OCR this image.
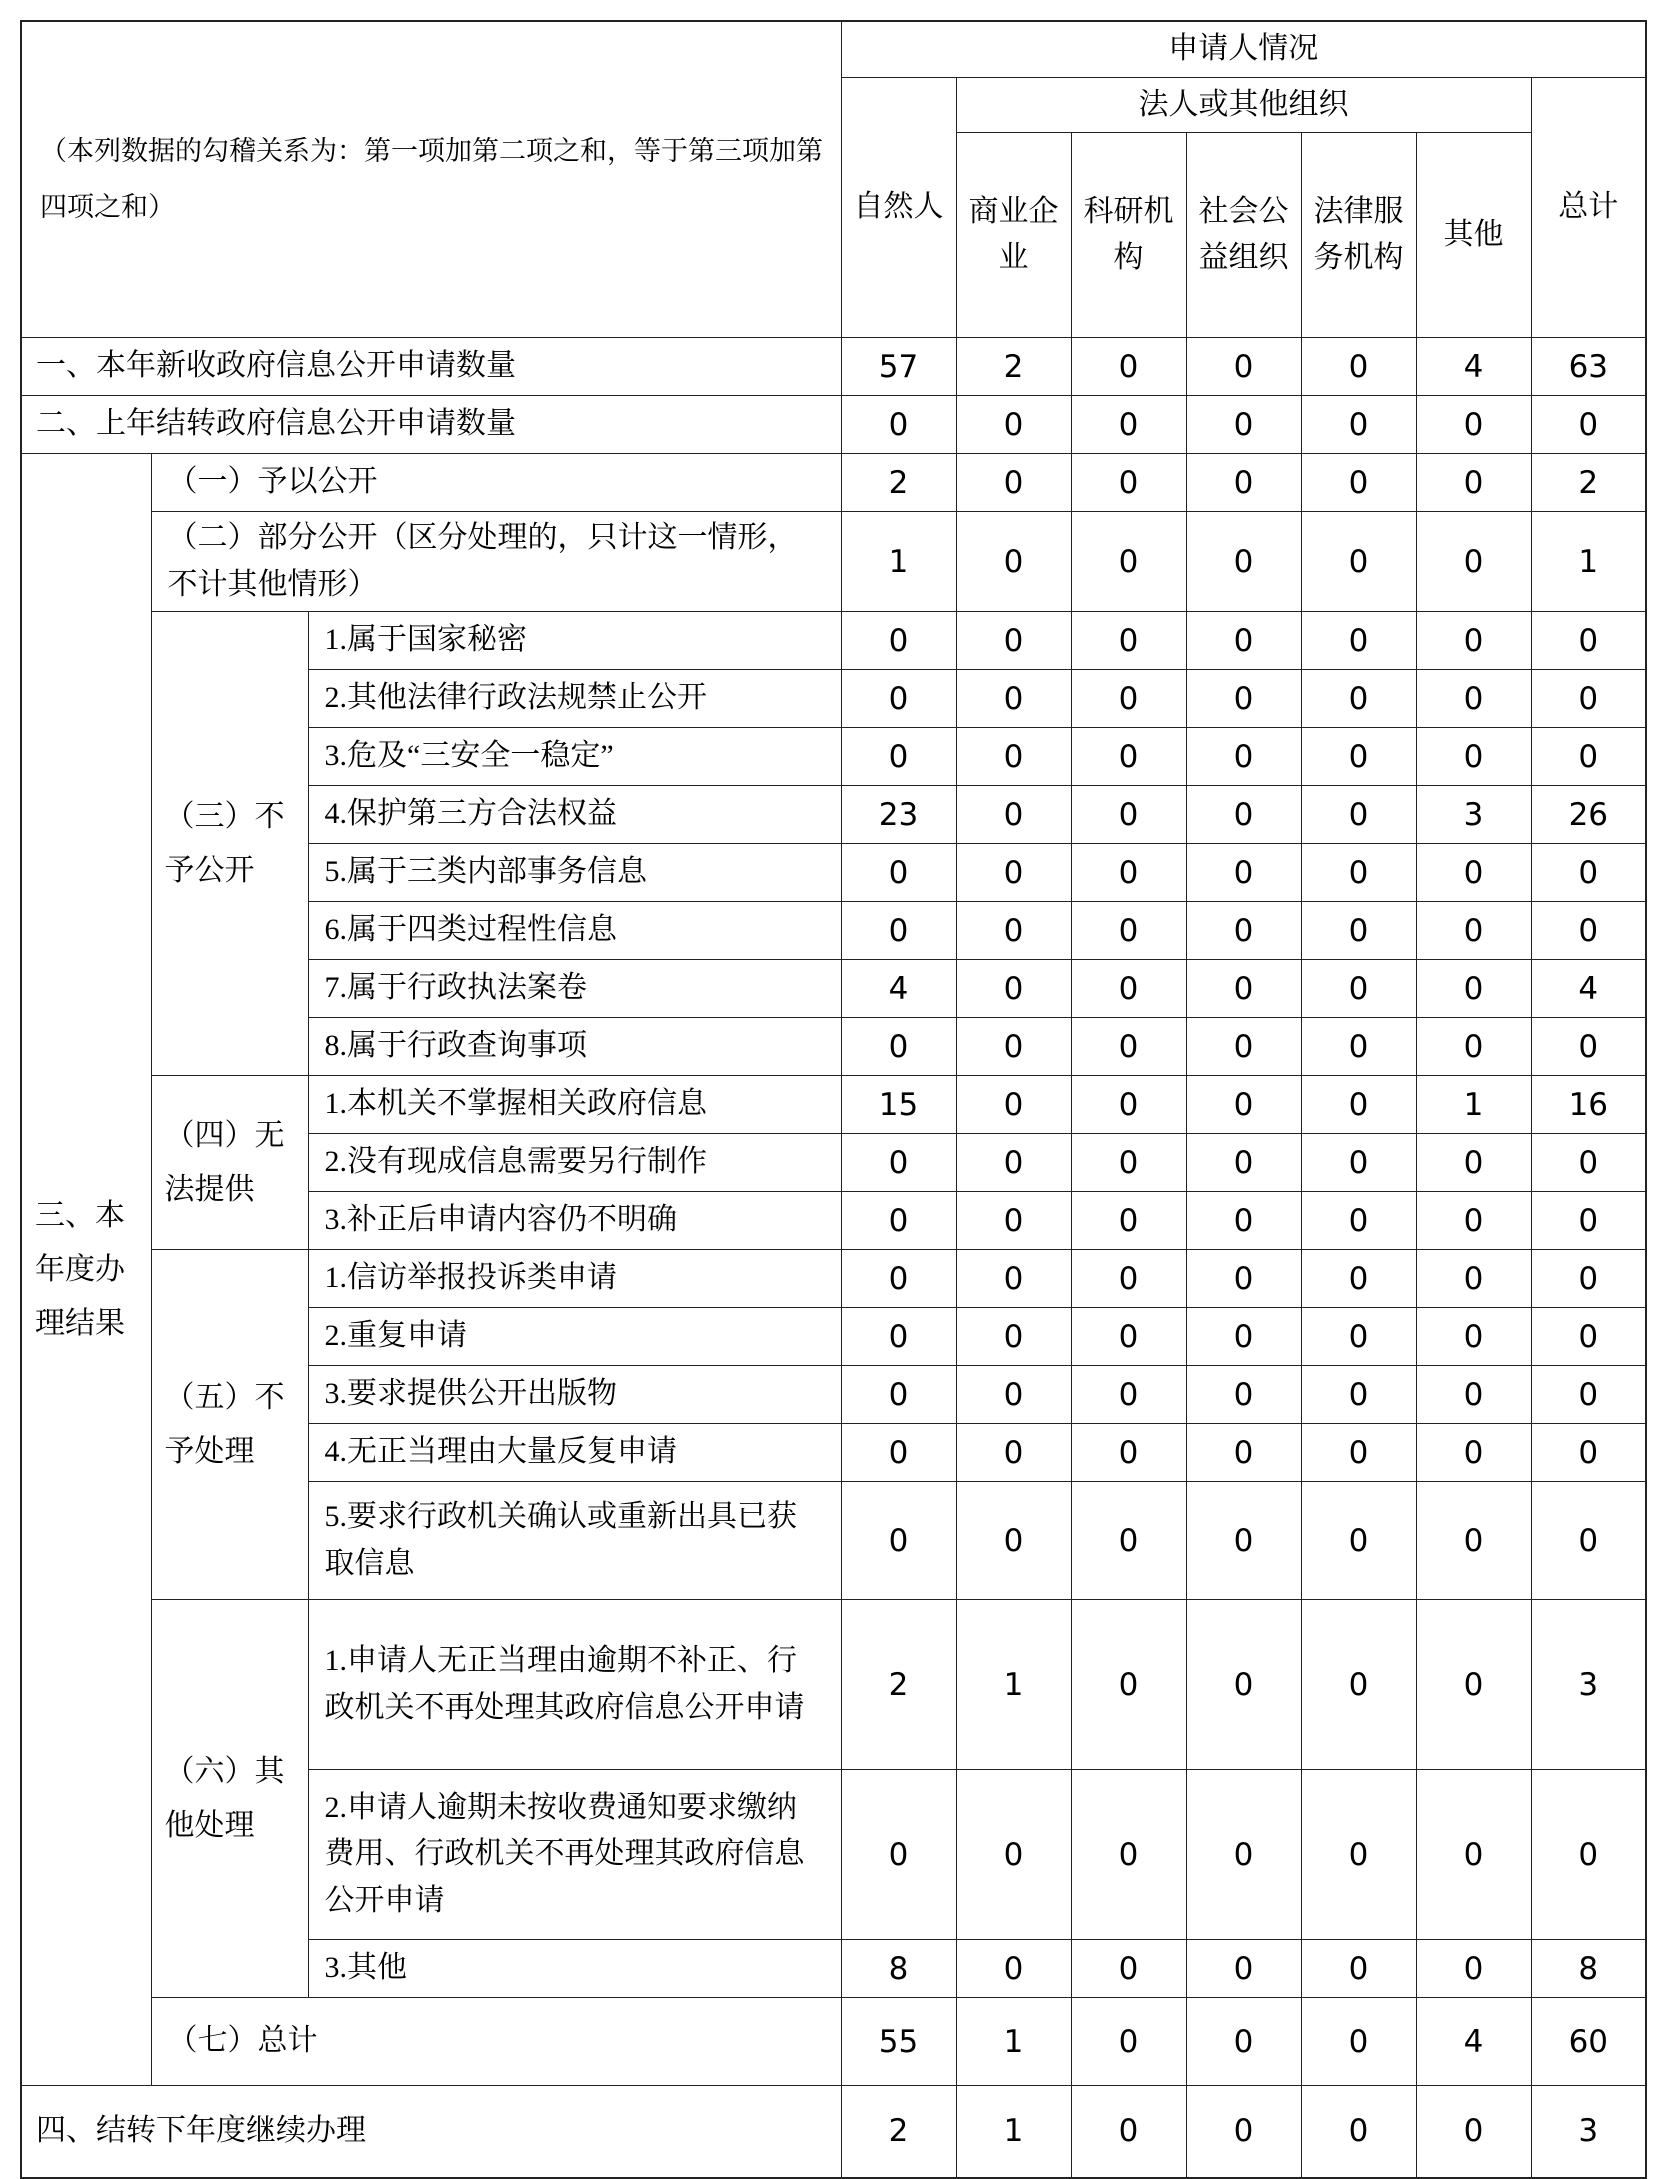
（本列数据的勾稽关系为：第一项加第二项之和，等于第三项加第四项之和）			申请人情况						
			自然人	法人或其他组织					总计
				商业企业	科研机构	社会公益组织	法律服务机构	其他	
一、本年新收政府信息公开申请数量			57	2	0	0	0	4	63
二、上年结转政府信息公开申请数量			0	0	0	0	0	0	0
三、本年度办理结果	（一）予以公开		2	0	0	0	0	0	2
	（二）部分公开（区分处理的，只计这一情形，不计其他情形）		1	0	0	0	0	0	1
	（三）不予公开	1.属于国家秘密	0	0	0	0	0	0	0
		2.其他法律行政法规禁止公开	0	0	0	0	0	0	0
		3.危及“三安全一稳定”	0	0	0	0	0	0	0
		4.保护第三方合法权益	23	0	0	0	0	3	26
		5.属于三类内部事务信息	0	0	0	0	0	0	0
		6.属于四类过程性信息	0	0	0	0	0	0	0
		7.属于行政执法案卷	4	0	0	0	0	0	4
		8.属于行政查询事项	0	0	0	0	0	0	0
	（四）无法提供	1.本机关不掌握相关政府信息	15	0	0	0	0	1	16
		2.没有现成信息需要另行制作	0	0	0	0	0	0	0
		3.补正后申请内容仍不明确	0	0	0	0	0	0	0
	（五）不予处理	1.信访举报投诉类申请	0	0	0	0	0	0	0
		2.重复申请	0	0	0	0	0	0	0
		3.要求提供公开出版物	0	0	0	0	0	0	0
		4.无正当理由大量反复申请	0	0	0	0	0	0	0
		5.要求行政机关确认或重新出具已获取信息	0	0	0	0	0	0	0
	（六）其他处理	1.申请人无正当理由逾期不补正、行政机关不再处理其政府信息公开申请	2	1	0	0	0	0	3
		2.申请人逾期未按收费通知要求缴纳费用、行政机关不再处理其政府信息公开申请	0	0	0	0	0	0	0
		3.其他	8	0	0	0	0	0	8
	（七）总计		55	1	0	0	0	4	60
四、结转下年度继续办理			2	1	0	0	0	0	3
